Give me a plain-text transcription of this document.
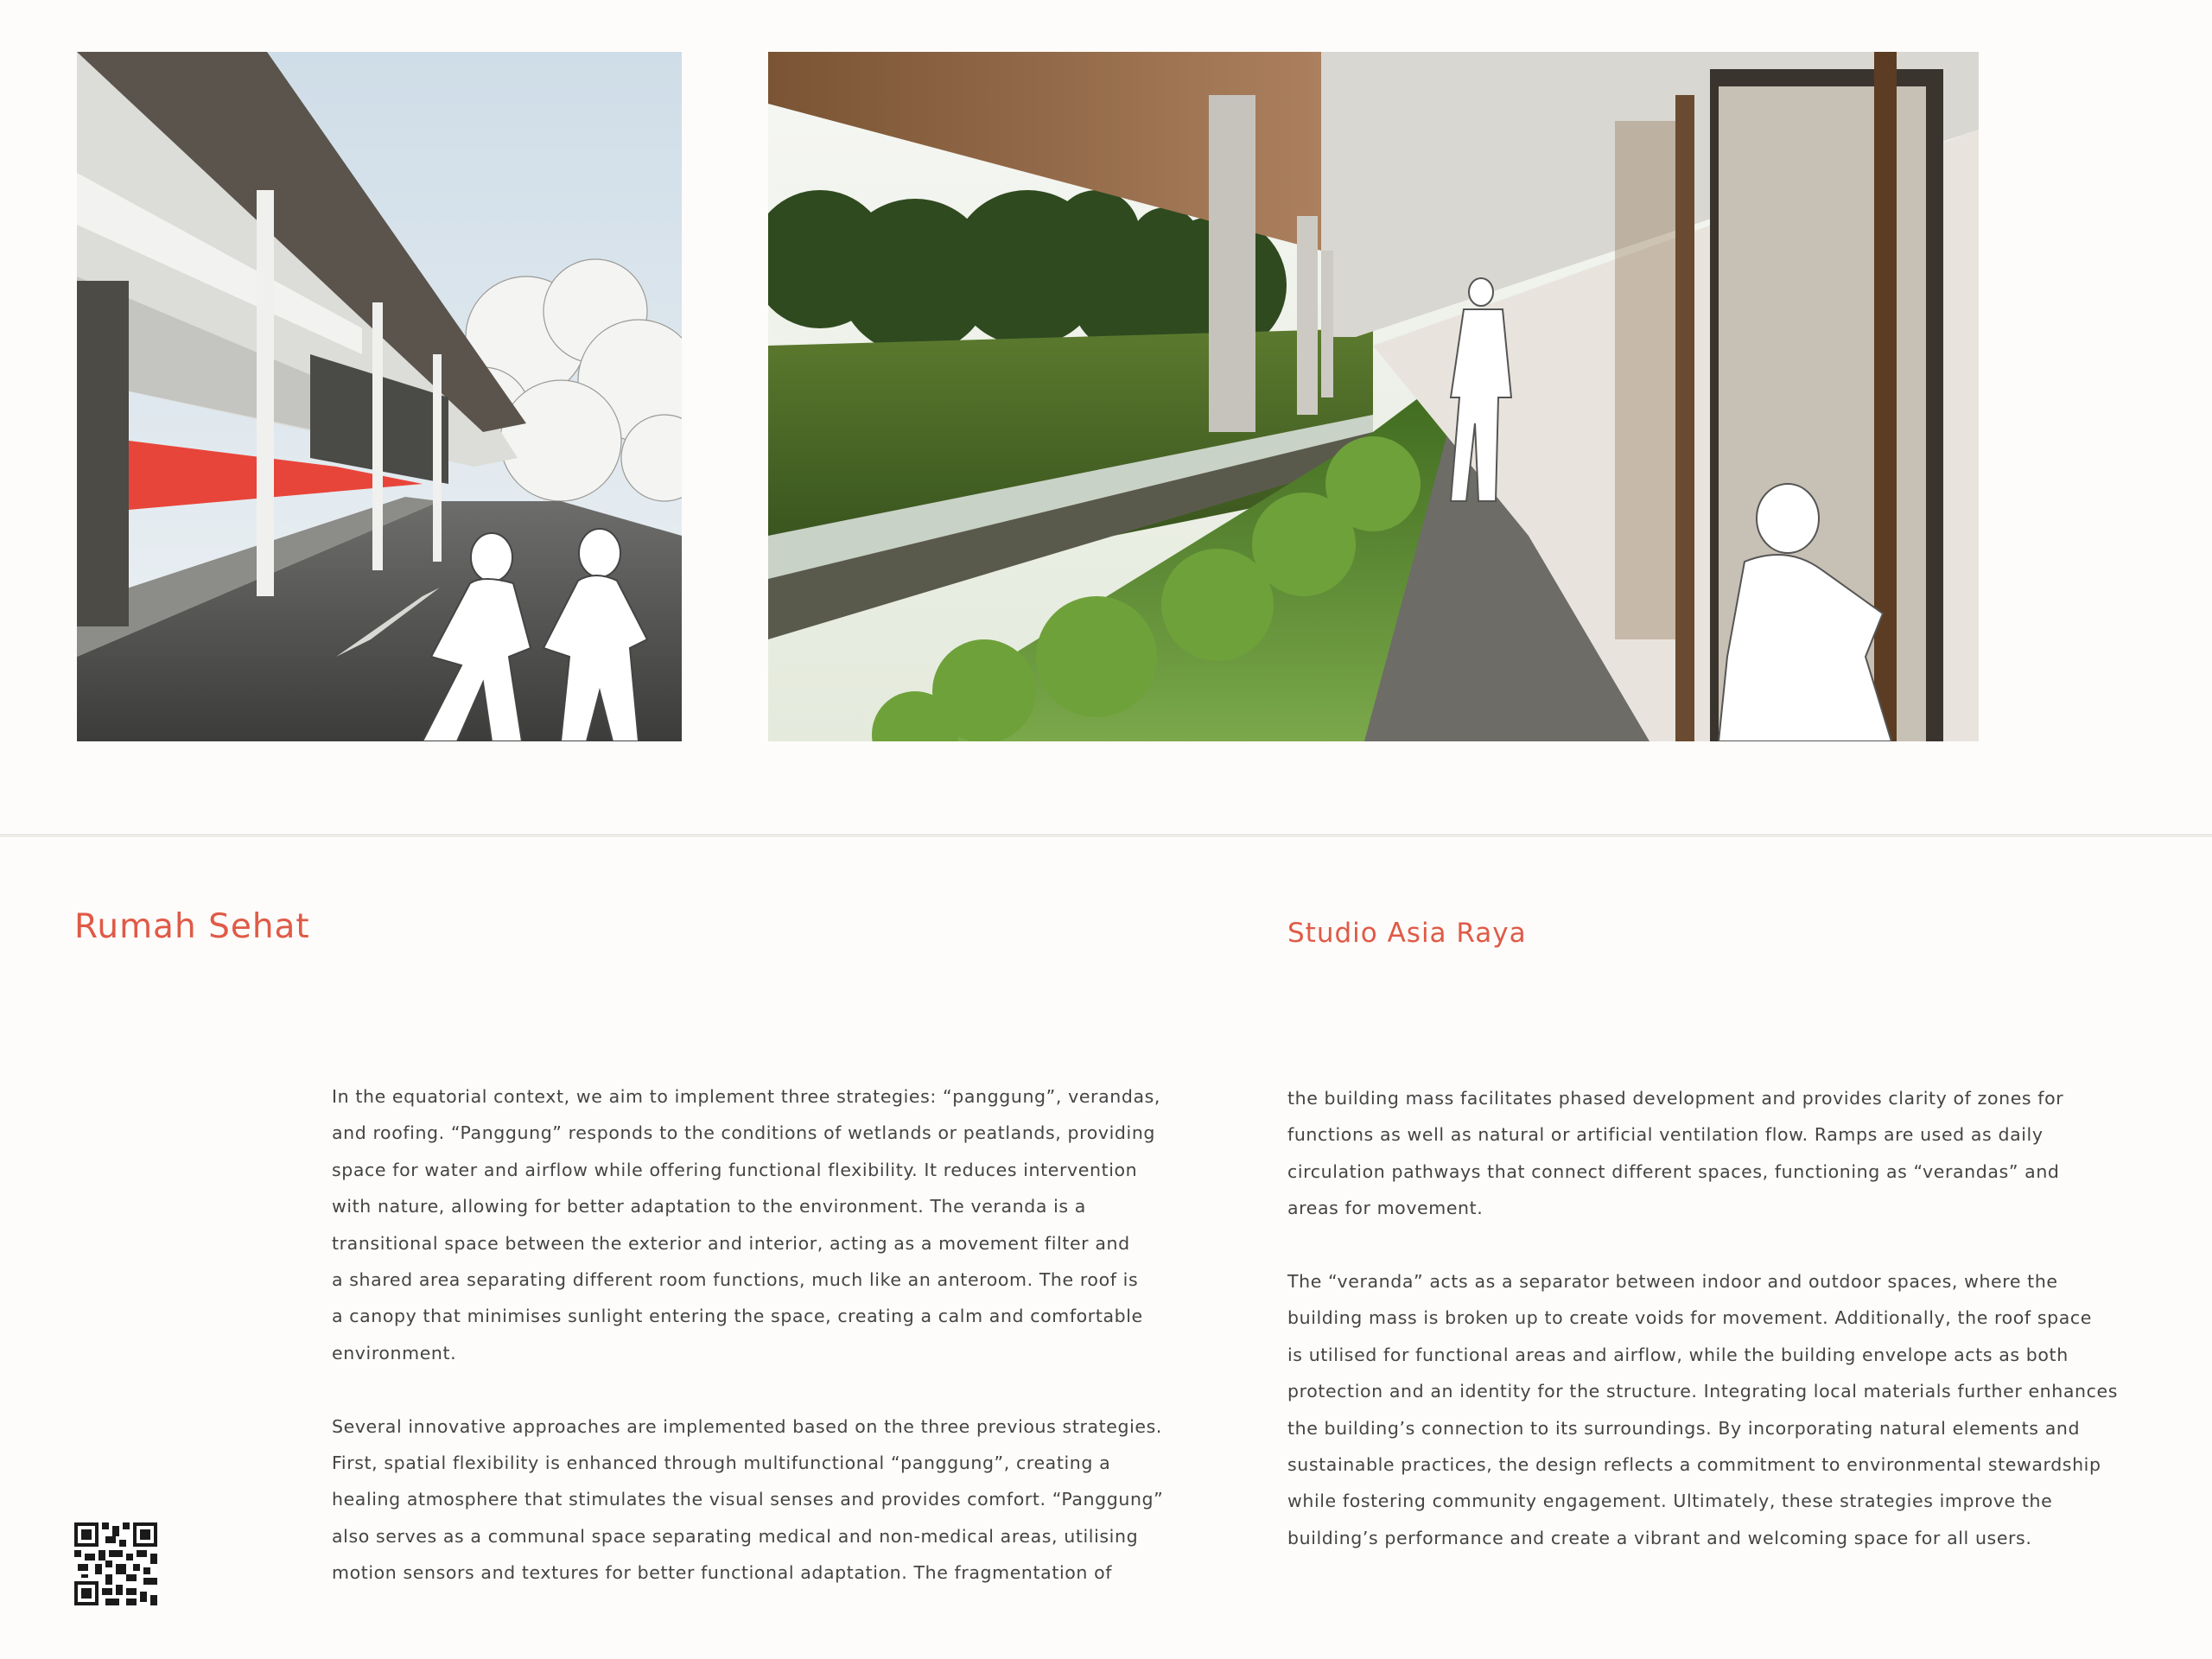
Rumah Sehat	Studio Asia Raya

In the equatorial context, we aim to implement three strategies: “panggung”, verandas,
and roofing. “Panggung” responds to the conditions of wetlands or peatlands, providing
space for water and airflow while offering functional flexibility. It reduces intervention
with nature, allowing for better adaptation to the environment. The veranda is a
transitional space between the exterior and interior, acting as a movement filter and
a shared area separating different room functions, much like an anteroom. The roof is
a canopy that minimises sunlight entering the space, creating a calm and comfortable
environment.

Several innovative approaches are implemented based on the three previous strategies.
First, spatial flexibility is enhanced through multifunctional “panggung”, creating a
healing atmosphere that stimulates the visual senses and provides comfort. “Panggung”
also serves as a communal space separating medical and non-medical areas, utilising
motion sensors and textures for better functional adaptation. The fragmentation of

the building mass facilitates phased development and provides clarity of zones for
functions as well as natural or artificial ventilation flow. Ramps are used as daily
circulation pathways that connect different spaces, functioning as “verandas” and
areas for movement.

The “veranda” acts as a separator between indoor and outdoor spaces, where the
building mass is broken up to create voids for movement. Additionally, the roof space
is utilised for functional areas and airflow, while the building envelope acts as both
protection and an identity for the structure. Integrating local materials further enhances
the building’s connection to its surroundings. By incorporating natural elements and
sustainable practices, the design reflects a commitment to environmental stewardship
while fostering community engagement. Ultimately, these strategies improve the
building’s performance and create a vibrant and welcoming space for all users.
